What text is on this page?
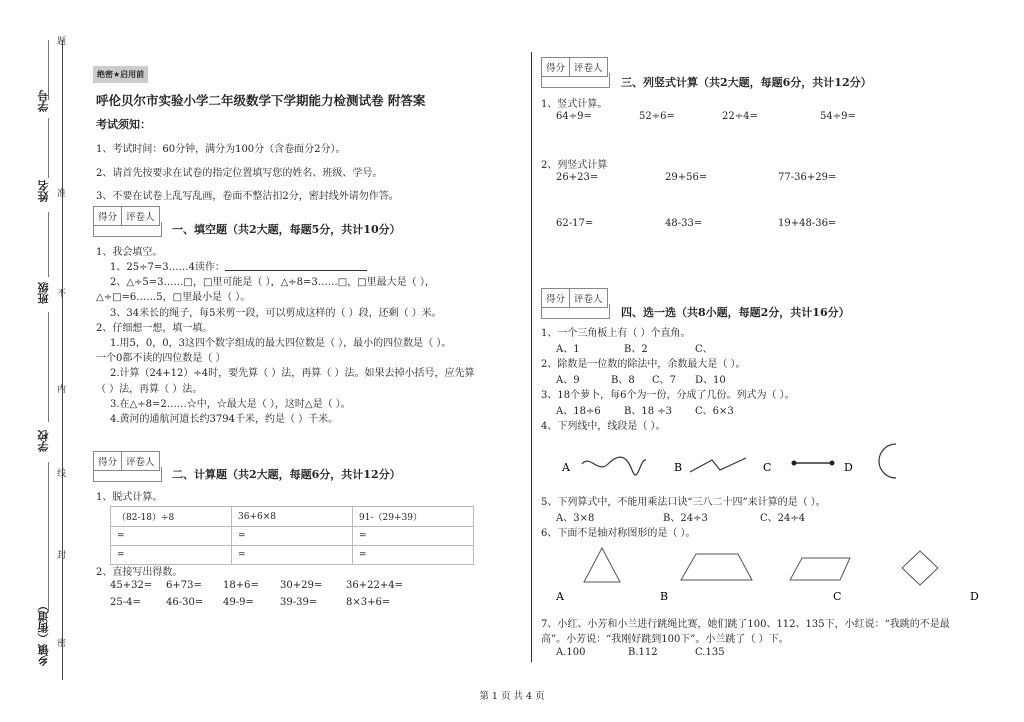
学号
姓名
班级
学校
乡镇（街道）
题
准
不
内
线
封
密
绝密★启用前
呼伦贝尔市实验小学二年级数学下学期能力检测试卷 附答案
考试须知：
1、考试时间：60分钟，满分为100分（含卷面分2分）。
2、请首先按要求在试卷的指定位置填写您的姓名、班级、学号。
3、不要在试卷上乱写乱画，卷面不整洁扣2分，密封线外请勿作答。
得分 评卷人
一、填空题（共2大题，每题5分，共计10分）
1、我会填空。
1、25÷7=3……4读作：
2、△÷5=3……□，□里可能是（ ），△÷8=3……□，□里最大是（ ），
△÷□=6……5，□里最小是（ ）。
3、34米长的绳子，每5米剪一段，可以剪成这样的（ ）段，还剩（ ）米。
2、仔细想一想，填一填。
1.用5，0，0，3这四个数字组成的最大四位数是（ ），最小的四位数是（ ）。
一个0都不读的四位数是（ ）
2.计算（24+12）÷4时，要先算（ ）法，再算（ ）法。如果去掉小括号，应先算
（ ）法，再算（ ）法。
3.在△÷8=2……☆中，☆最大是（ ），这时△是（ ）。
4.黄河的通航河道长约3794千米，约是（ ）千米。
得分 评卷人
二、计算题（共2大题，每题6分，共计12分）
1、脱式计算。
（82-18）÷8	36+6×8	91-（29+39）
=	=	=
=	=	=
2、直接写出得数。
45+32= 6+73= 18+6= 30+29= 36+22+4=
25-4=	46-30= 49-9=	39-39=	8×3+6=
得分 评卷人
三、列竖式计算（共2大题，每题6分，共计12分）
1、竖式计算。
64÷9=	52÷6=	22÷4=	54÷9=
2、列竖式计算
26+23=	29+56=	77-36+29=
62-17=	48-33=	19+48-36=
得分 评卷人
四、选一选（共8小题，每题2分，共计16分）
1、一个三角板上有（ ）个直角。
A、1	B、2	C、
2、除数是一位数的除法中，余数最大是（ ）。
A、9	B、8 C、7 D、10
3、18个萝卜，每6个为一份，分成了几份。列式为（ ）。
A、18÷6 B、18 ÷3 C、6×3
4、下列线中，线段是（ ）。
A	B	C	D
5、下列算式中，不能用乘法口诀“三八二十四”来计算的是（ ）。
A、3×8	B、24÷3	C、24÷4
6、下面不是轴对称图形的是（ ）。
A	B	C	D
7、小红、小芳和小兰进行跳绳比赛，她们跳了100、112、135下，小红说：“我跳的不是最
高”。小芳说：“我刚好跳到100下”。小兰跳了（ ）下。
A.100	B.112	C.135
第 1 页 共 4 页
